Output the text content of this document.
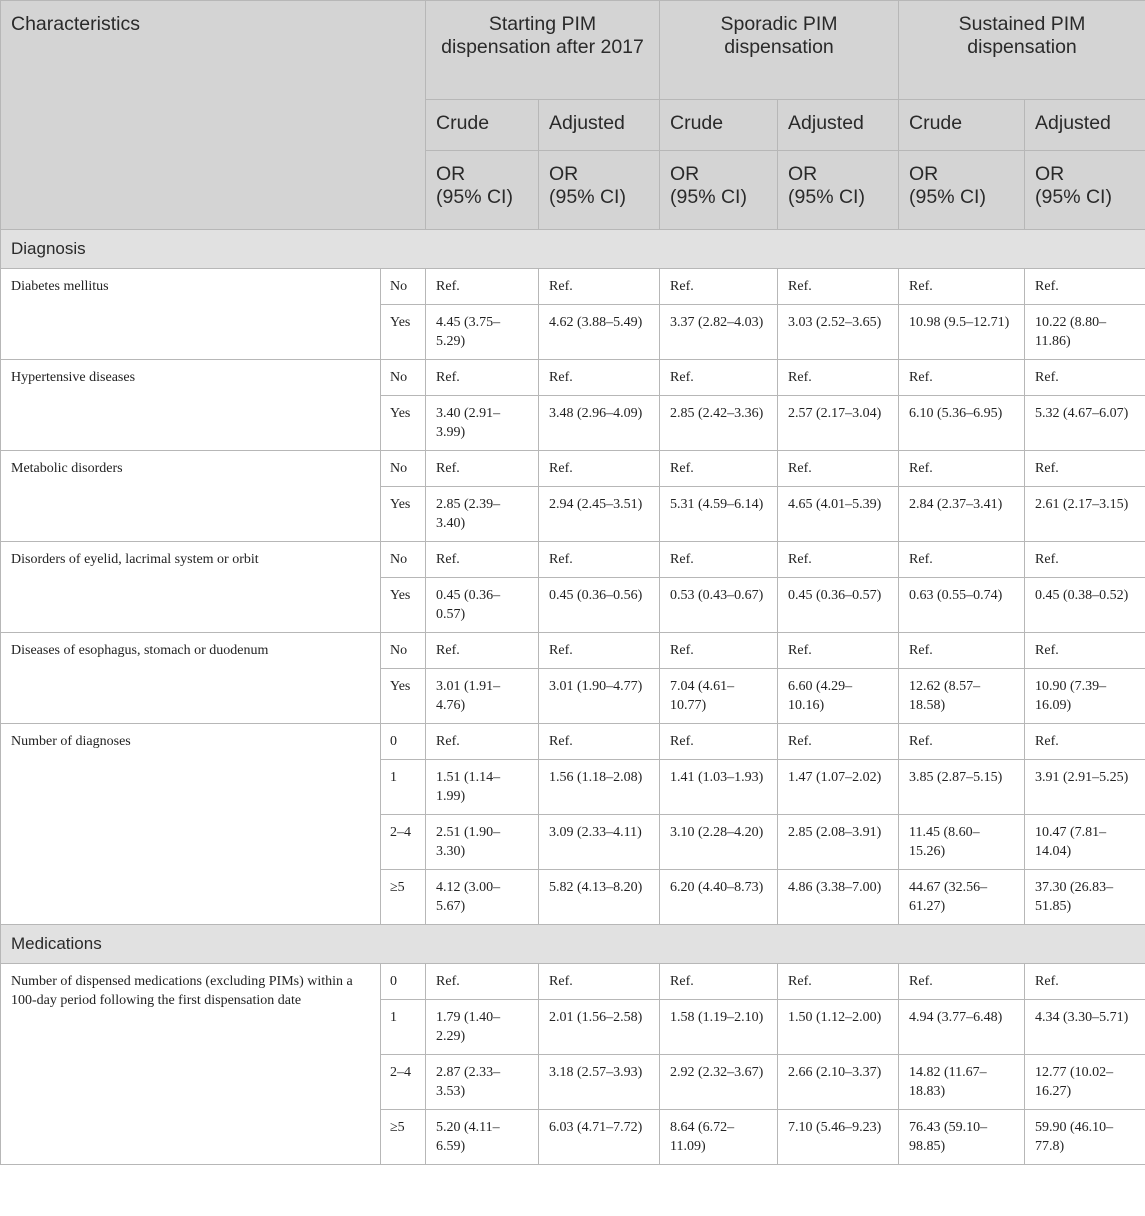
Characteristics		Starting PIM dispensation after 2017		Sporadic PIM dispensation		Sustained PIM dispensation	
		Crude	Adjusted	Crude	Adjusted	Crude	Adjusted

		OR
(95% CI)	OR
(95% CI)	OR
(95% CI)	OR
(95% CI)	OR
(95% CI)	OR
(95% CI)

Diagnosis							
Diabetes mellitus	No	Ref.	Ref.	Ref.	Ref.	Ref.	Ref.
	Yes	4.45 (3.75–5.29)	4.62 (3.88–5.49)	3.37 (2.82–4.03)	3.03 (2.52–3.65)	10.98 (9.5–12.71)	10.22 (8.80–11.86)
Hypertensive diseases	No	Ref.	Ref.	Ref.	Ref.	Ref.	Ref.
	Yes	3.40 (2.91–3.99)	3.48 (2.96–4.09)	2.85 (2.42–3.36)	2.57 (2.17–3.04)	6.10 (5.36–6.95)	5.32 (4.67–6.07)
Metabolic disorders	No	Ref.	Ref.	Ref.	Ref.	Ref.	Ref.
	Yes	2.85 (2.39–3.40)	2.94 (2.45–3.51)	5.31 (4.59–6.14)	4.65 (4.01–5.39)	2.84 (2.37–3.41)	2.61 (2.17–3.15)
Disorders of eyelid, lacrimal system or orbit	No	Ref.	Ref.	Ref.	Ref.	Ref.	Ref.
	Yes	0.45 (0.36–0.57)	0.45 (0.36–0.56)	0.53 (0.43–0.67)	0.45 (0.36–0.57)	0.63 (0.55–0.74)	0.45 (0.38–0.52)
Diseases of esophagus, stomach or duodenum	No	Ref.	Ref.	Ref.	Ref.	Ref.	Ref.
	Yes	3.01 (1.91–4.76)	3.01 (1.90–4.77)	7.04 (4.61–10.77)	6.60 (4.29–10.16)	12.62 (8.57–18.58)	10.90 (7.39–16.09)
Number of diagnoses	0	Ref.	Ref.	Ref.	Ref.	Ref.	Ref.
	1	1.51 (1.14–1.99)	1.56 (1.18–2.08)	1.41 (1.03–1.93)	1.47 (1.07–2.02)	3.85 (2.87–5.15)	3.91 (2.91–5.25)
	2–4	2.51 (1.90–3.30)	3.09 (2.33–4.11)	3.10 (2.28–4.20)	2.85 (2.08–3.91)	11.45 (8.60–15.26)	10.47 (7.81–14.04)
	≥5	4.12 (3.00–5.67)	5.82 (4.13–8.20)	6.20 (4.40–8.73)	4.86 (3.38–7.00)	44.67 (32.56–61.27)	37.30 (26.83–51.85)
Medications							
Number of dispensed medications (excluding PIMs) within a 100-day period following the first dispensation date	0	Ref.	Ref.	Ref.	Ref.	Ref.	Ref.
	1	1.79 (1.40–2.29)	2.01 (1.56–2.58)	1.58 (1.19–2.10)	1.50 (1.12–2.00)	4.94 (3.77–6.48)	4.34 (3.30–5.71)
	2–4	2.87 (2.33–3.53)	3.18 (2.57–3.93)	2.92 (2.32–3.67)	2.66 (2.10–3.37)	14.82 (11.67–18.83)	12.77 (10.02–16.27)
	≥5	5.20 (4.11–6.59)	6.03 (4.71–7.72)	8.64 (6.72–11.09)	7.10 (5.46–9.23)	76.43 (59.10–98.85)	59.90 (46.10–77.8)
